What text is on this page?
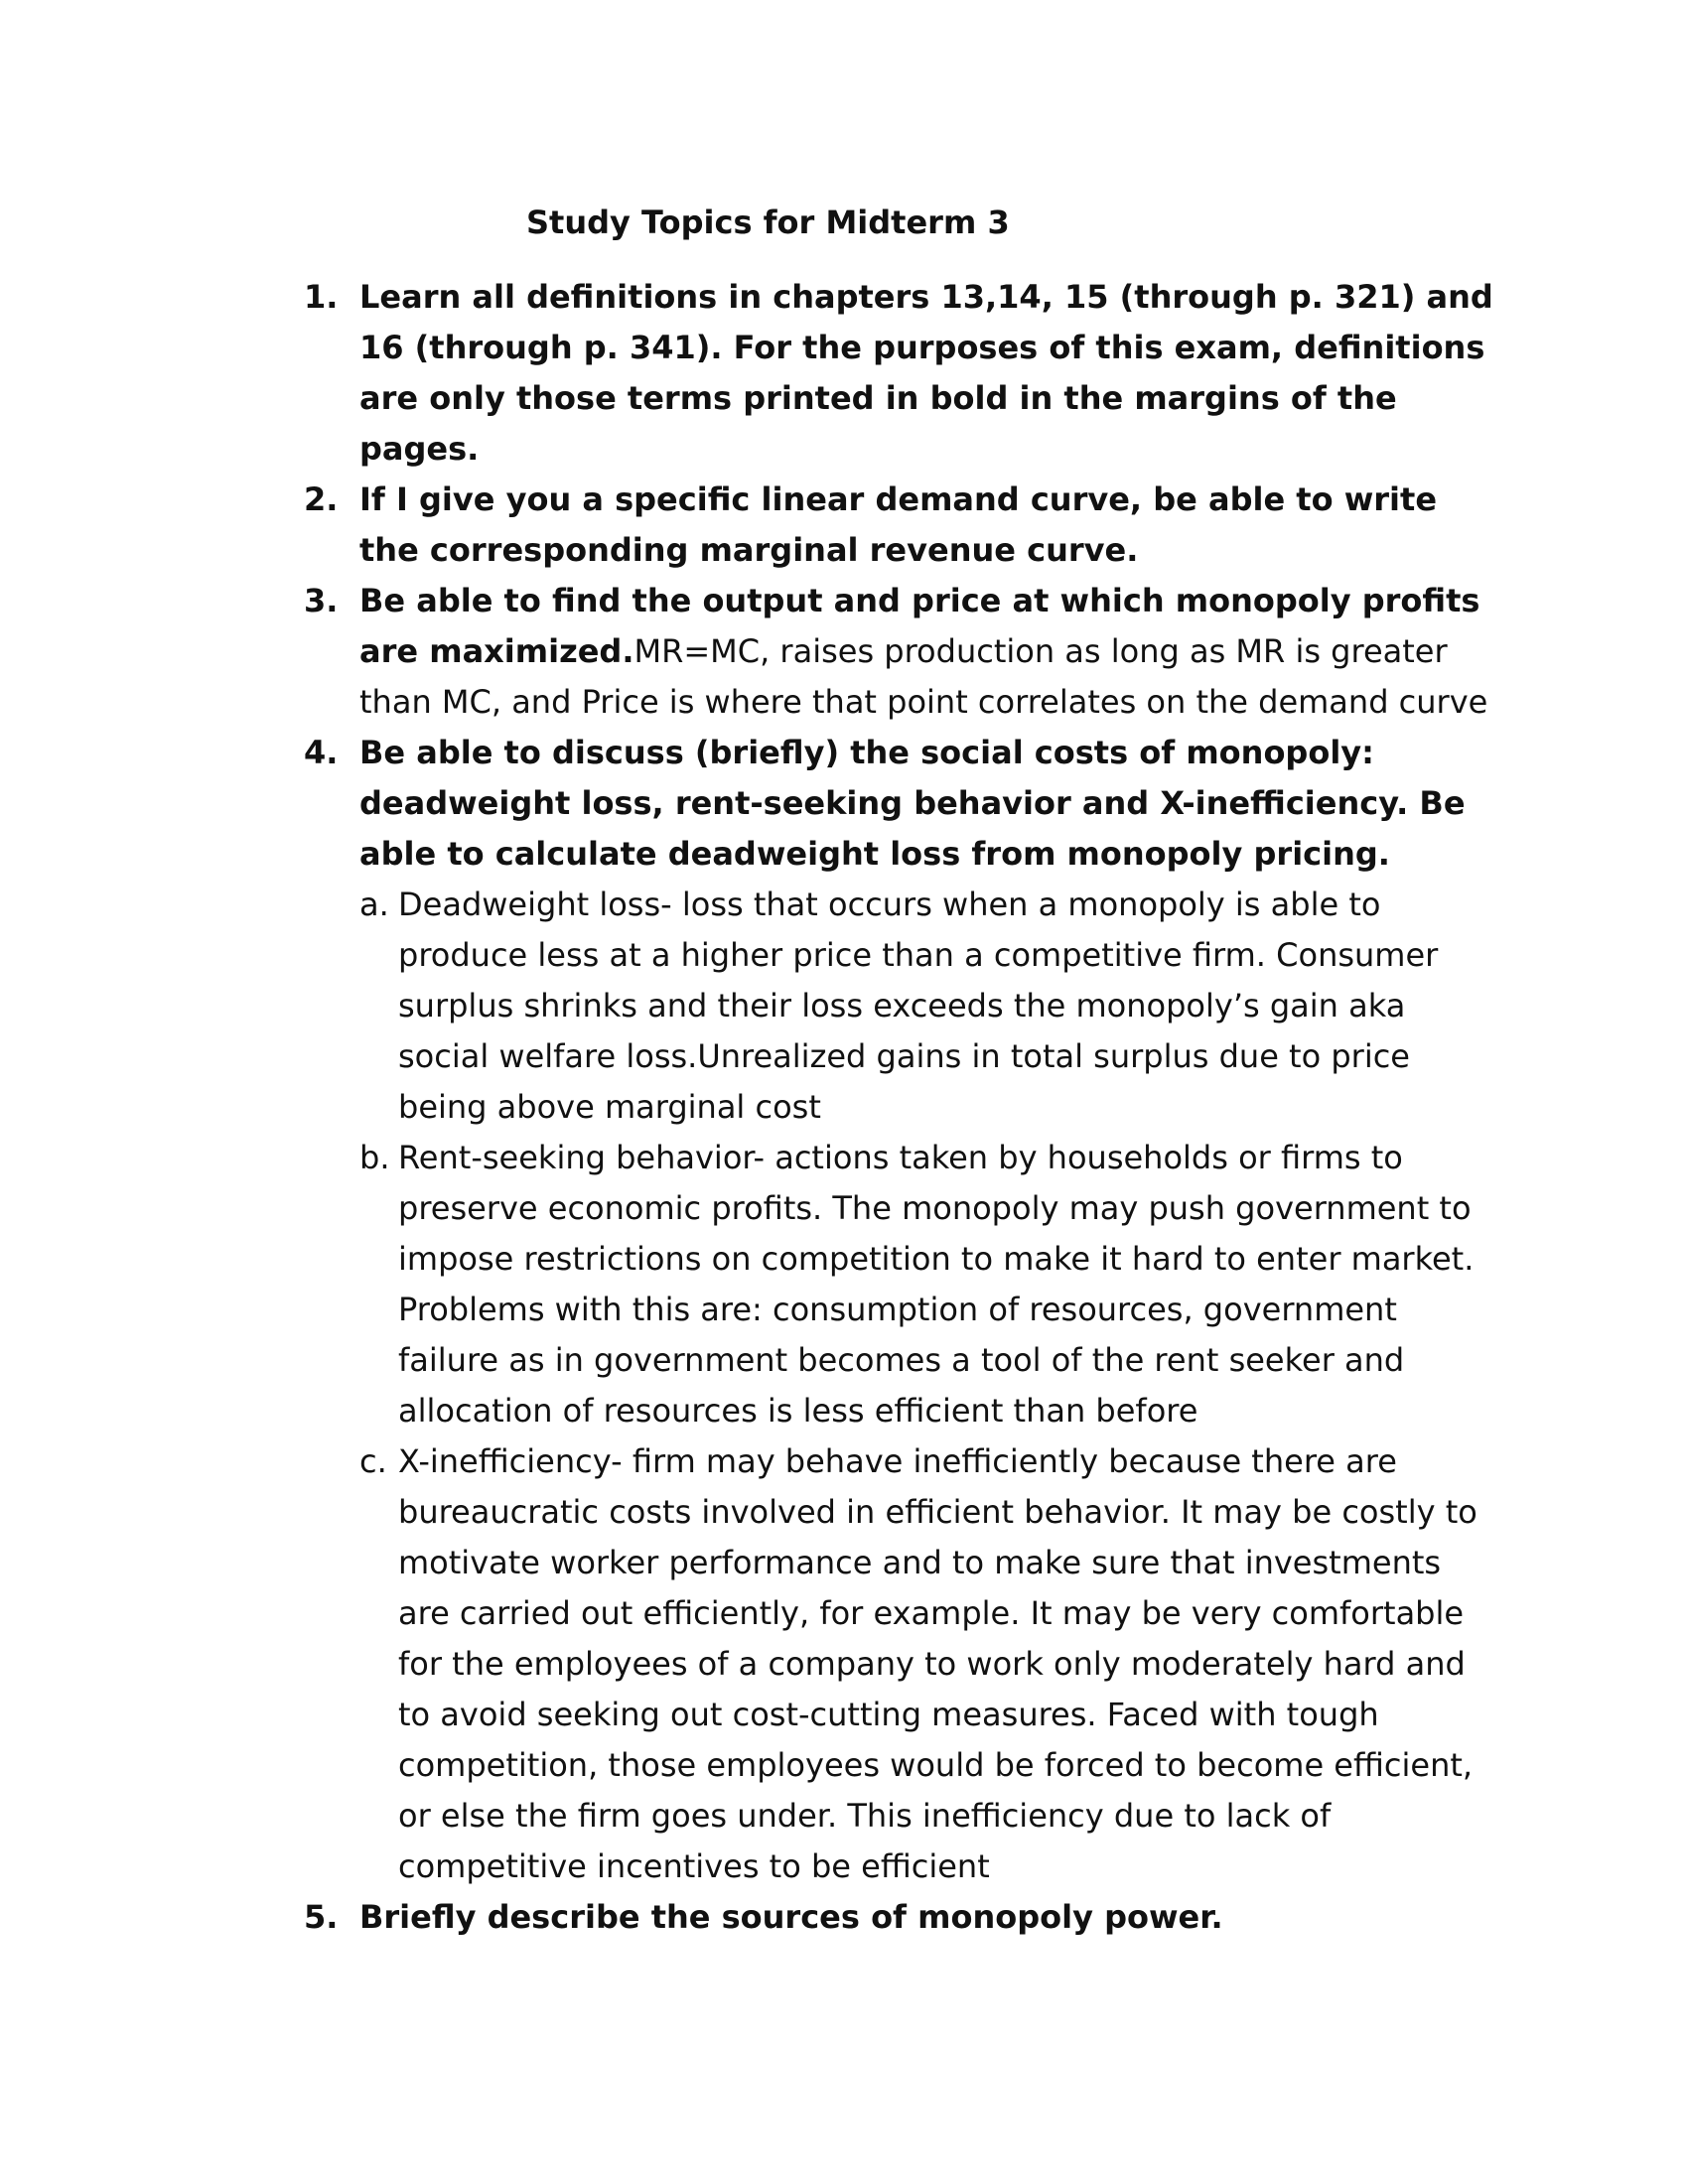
Study Topics for Midterm 3
1. Learn all definitions in chapters 13,14, 15 (through p. 321) and 16 (through p. 341). For the purposes of this exam, definitions are only those terms printed in bold in the margins of the pages.
2. If I give you a specific linear demand curve, be able to write the corresponding marginal revenue curve.
3. Be able to find the output and price at which monopoly profits are maximized.MR=MC, raises production as long as MR is greater than MC, and Price is where that point correlates on the demand curve
4. Be able to discuss (briefly) the social costs of monopoly: deadweight loss, rent-seeking behavior and X-inefficiency. Be able to calculate deadweight loss from monopoly pricing.
a. Deadweight loss- loss that occurs when a monopoly is able to produce less at a higher price than a competitive firm. Consumer surplus shrinks and their loss exceeds the monopoly’s gain aka social welfare loss.Unrealized gains in total surplus due to price being above marginal cost
b. Rent-seeking behavior- actions taken by households or firms to preserve economic profits. The monopoly may push government to impose restrictions on competition to make it hard to enter market. Problems with this are: consumption of resources, government failure as in government becomes a tool of the rent seeker and allocation of resources is less efficient than before
c. X-inefficiency- firm may behave inefficiently because there are bureaucratic costs involved in efficient behavior. It may be costly to motivate worker performance and to make sure that investments are carried out efficiently, for example. It may be very comfortable for the employees of a company to work only moderately hard and to avoid seeking out cost-cutting measures. Faced with tough competition, those employees would be forced to become efficient, or else the firm goes under. This inefficiency due to lack of competitive incentives to be efficient
5. Briefly describe the sources of monopoly power.
